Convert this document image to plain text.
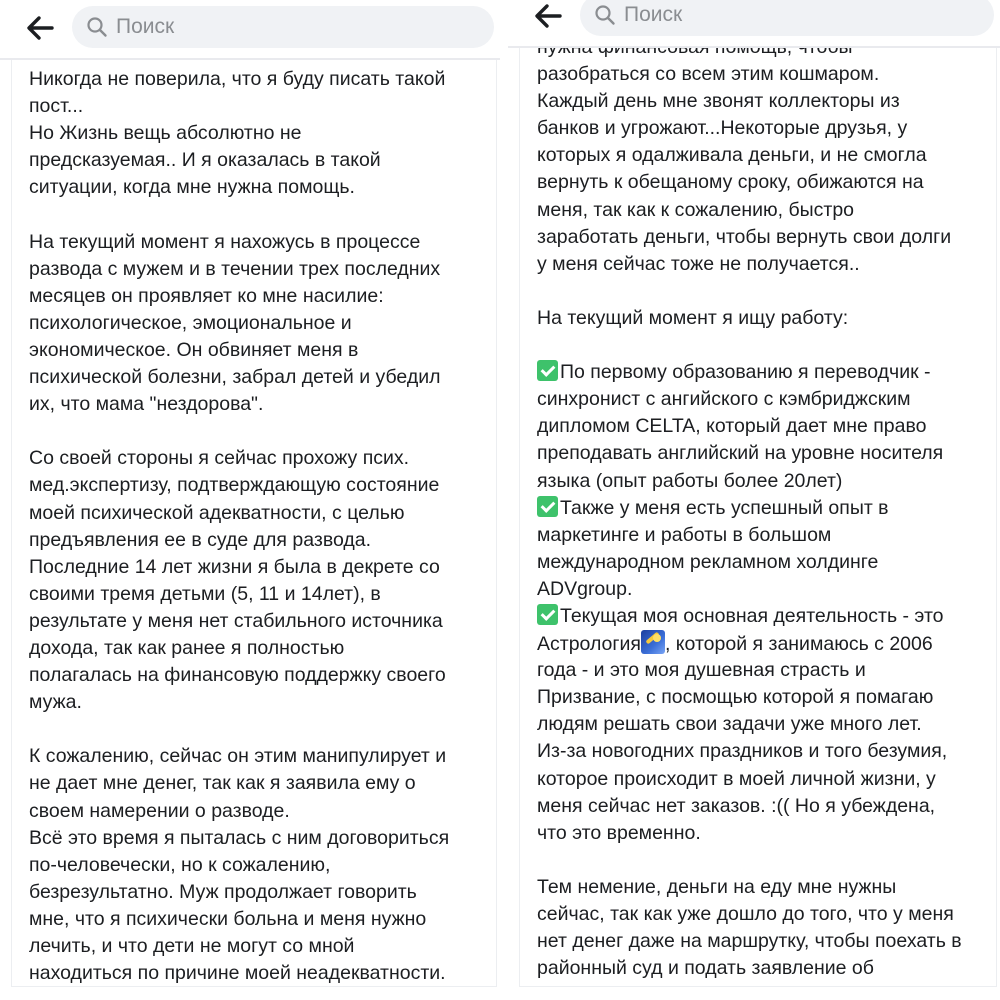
Поиск
Никогда не поверила, что я буду писать такой
пост...
Но Жизнь вещь абсолютно не
предсказуемая.. И я оказалась в такой
ситуации, когда мне нужна помощь.
На текущий момент я нахожусь в процессе
развода с мужем и в течении трех последних
месяцев он проявляет ко мне насилие:
психологическое, эмоциональное и
экономическое. Он обвиняет меня в
психической болезни, забрал детей и убедил
их, что мама "нездорова".
Со своей стороны я сейчас прохожу псих.
мед.экспертизу, подтверждающую состояние
моей психической адекватности, с целью
предъявления ее в суде для развода.
Последние 14 лет жизни я была в декрете со
своими тремя детьми (5, 11 и 14лет), в
результате у меня нет стабильного источника
дохода, так как ранее я полностью
полагалась на финансовую поддержку своего
мужа.
К сожалению, сейчас он этим манипулирует и
не дает мне денег, так как я заявила ему о
своем намерении о разводе.
Всё это время я пыталась с ним договориться
по-человечески, но к сожалению,
безрезультатно. Муж продолжает говорить
мне, что я психически больна и меня нужно
лечить, и что дети не могут со мной
находиться по причине моей неадекватности.
разобраться со всем этим кошмаром.
Каждый день мне звонят коллекторы из
банков и угрожают...Некоторые друзья, у
которых я одалживала деньги, и не смогла
вернуть к обещаному сроку, обижаются на
меня, так как к сожалению, быстро
заработать деньги, чтобы вернуть свои долги
у меня сейчас тоже не получается..
На текущий момент я ищу работу:
По первому образованию я переводчик -
синхронист с ангийского с кэмбриджским
дипломом CELTA, который дает мне право
преподавать английский на уровне носителя
языка (опыт работы более 20лет)
Также у меня есть успешный опыт в
маркетинге и работы в большом
международном рекламном холдинге
ADVgroup.
Текущая моя основная деятельность - это
Астрология , которой я занимаюсь с 2006
года - и это моя душевная страсть и
Призвание, с посмощью которой я помагаю
людям решать свои задачи уже много лет.
Из-за новогодних праздников и того безумия,
которое происходит в моей личной жизни, у
меня сейчас нет заказов. :(( Но я убеждена,
что это временно.
Тем немение, деньги на еду мне нужны
сейчас, так как уже дошло до того, что у меня
нет денег даже на маршрутку, чтобы поехать в
районный суд и подать заявление об
Поиск
